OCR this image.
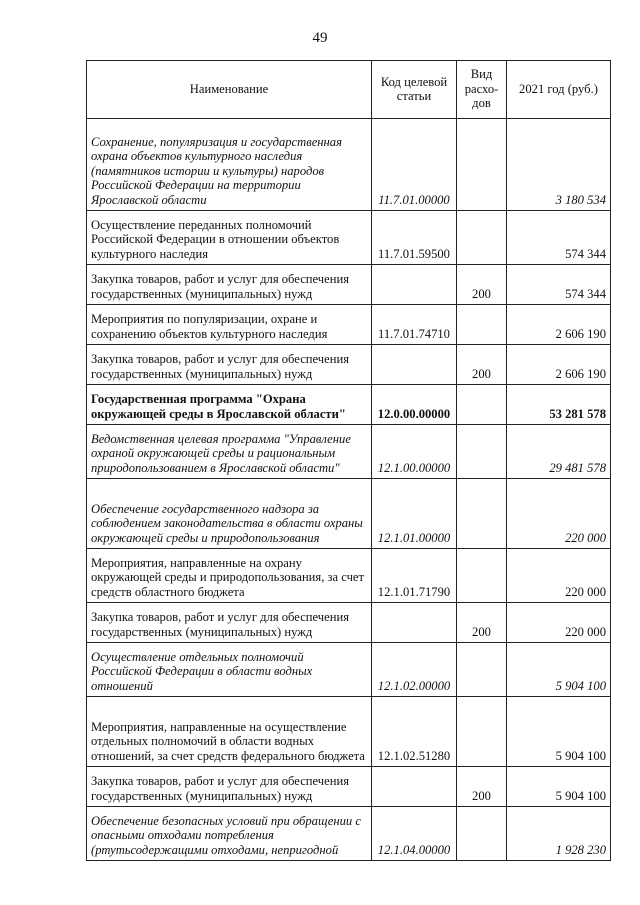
49
Наименование	Код целевой статьи	Вид расхо-дов	2021 год (руб.)
Сохранение, популяризация и государственная охрана объектов культурного наследия (памятников истории и культуры) народов Российской Федерации на территории Ярославской области	11.7.01.00000		3 180 534
Осуществление переданных полномочий Российской Федерации в отношении объектов культурного наследия	11.7.01.59500		574 344
Закупка товаров, работ и услуг для обеспечения государственных (муниципальных) нужд		200	574 344
Мероприятия по популяризации, охране и сохранению объектов культурного наследия	11.7.01.74710		2 606 190
Закупка товаров, работ и услуг для обеспечения государственных (муниципальных) нужд		200	2 606 190
Государственная программа "Охрана окружающей среды в Ярославской области"	12.0.00.00000		53 281 578
Ведомственная целевая программа "Управление охраной окружающей среды и рациональным природопользованием в Ярославской области"	12.1.00.00000		29 481 578
Обеспечение государственного надзора за соблюдением законодательства в области охраны окружающей среды и природопользования	12.1.01.00000		220 000
Мероприятия, направленные на охрану окружающей среды и природопользования, за счет средств областного бюджета	12.1.01.71790		220 000
Закупка товаров, работ и услуг для обеспечения государственных (муниципальных) нужд		200	220 000
Осуществление отдельных полномочий Российской Федерации в области водных отношений	12.1.02.00000		5 904 100
Мероприятия, направленные на осуществление отдельных полномочий в области водных отношений, за счет средств федерального бюджета	12.1.02.51280		5 904 100
Закупка товаров, работ и услуг для обеспечения государственных (муниципальных) нужд		200	5 904 100
Обеспечение безопасных условий при обращении с опасными отходами потребления (ртутьсодержащими отходами, непригодной	12.1.04.00000		1 928 230
